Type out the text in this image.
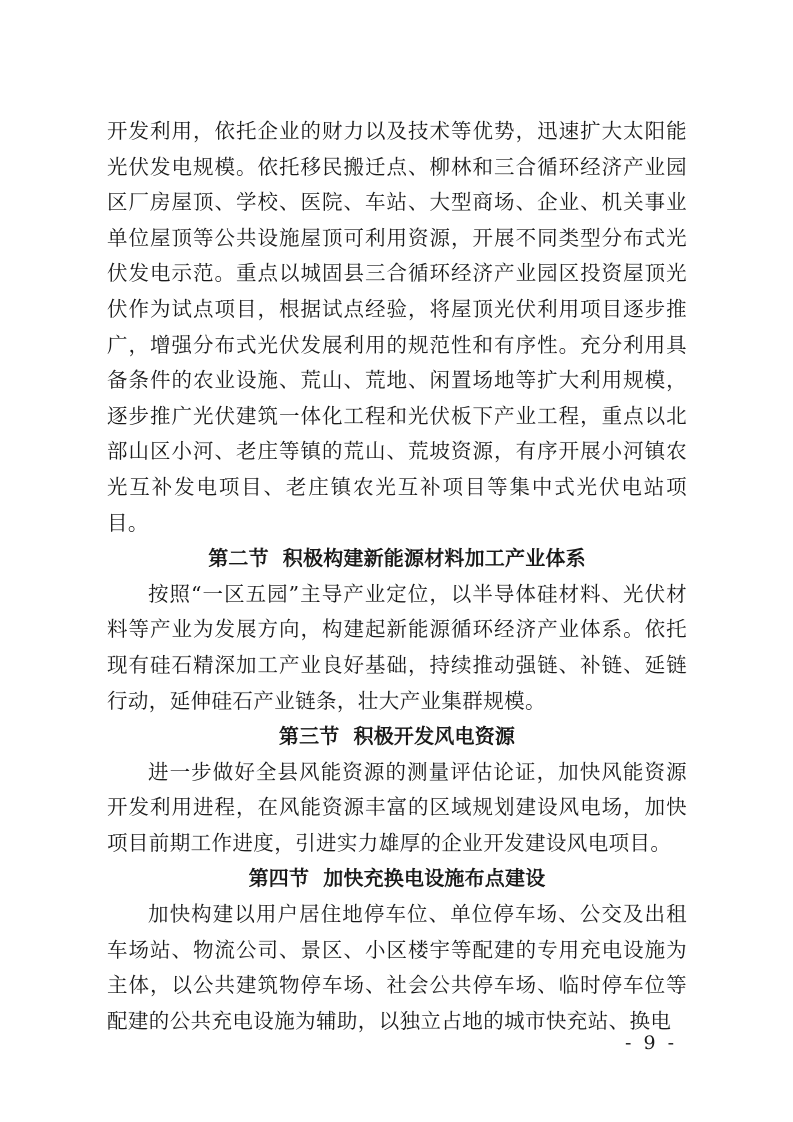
开发利用，依托企业的财力以及技术等优势，迅速扩大太阳能光伏发电规模。依托移民搬迁点、柳林和三合循环经济产业园区厂房屋顶、学校、医院、车站、大型商场、企业、机关事业单位屋顶等公共设施屋顶可利用资源，开展不同类型分布式光伏发电示范。重点以城固县三合循环经济产业园区投资屋顶光伏作为试点项目，根据试点经验，将屋顶光伏利用项目逐步推广，增强分布式光伏发展利用的规范性和有序性。充分利用具备条件的农业设施、荒山、荒地、闲置场地等扩大利用规模，逐步推广光伏建筑一体化工程和光伏板下产业工程，重点以北部山区小河、老庄等镇的荒山、荒坡资源，有序开展小河镇农光互补发电项目、老庄镇农光互补项目等集中式光伏电站项目。

第二节 积极构建新能源材料加工产业体系

按照“一区五园”主导产业定位，以半导体硅材料、光伏材料等产业为发展方向，构建起新能源循环经济产业体系。依托现有硅石精深加工产业良好基础，持续推动强链、补链、延链行动，延伸硅石产业链条，壮大产业集群规模。

第三节 积极开发风电资源

进一步做好全县风能资源的测量评估论证，加快风能资源开发利用进程，在风能资源丰富的区域规划建设风电场，加快项目前期工作进度，引进实力雄厚的企业开发建设风电项目。

第四节 加快充换电设施布点建设

加快构建以用户居住地停车位、单位停车场、公交及出租车场站、物流公司、景区、小区楼宇等配建的专用充电设施为主体，以公共建筑物停车场、社会公共停车场、临时停车位等配建的公共充电设施为辅助，以独立占地的城市快充站、换电

- 9 -
